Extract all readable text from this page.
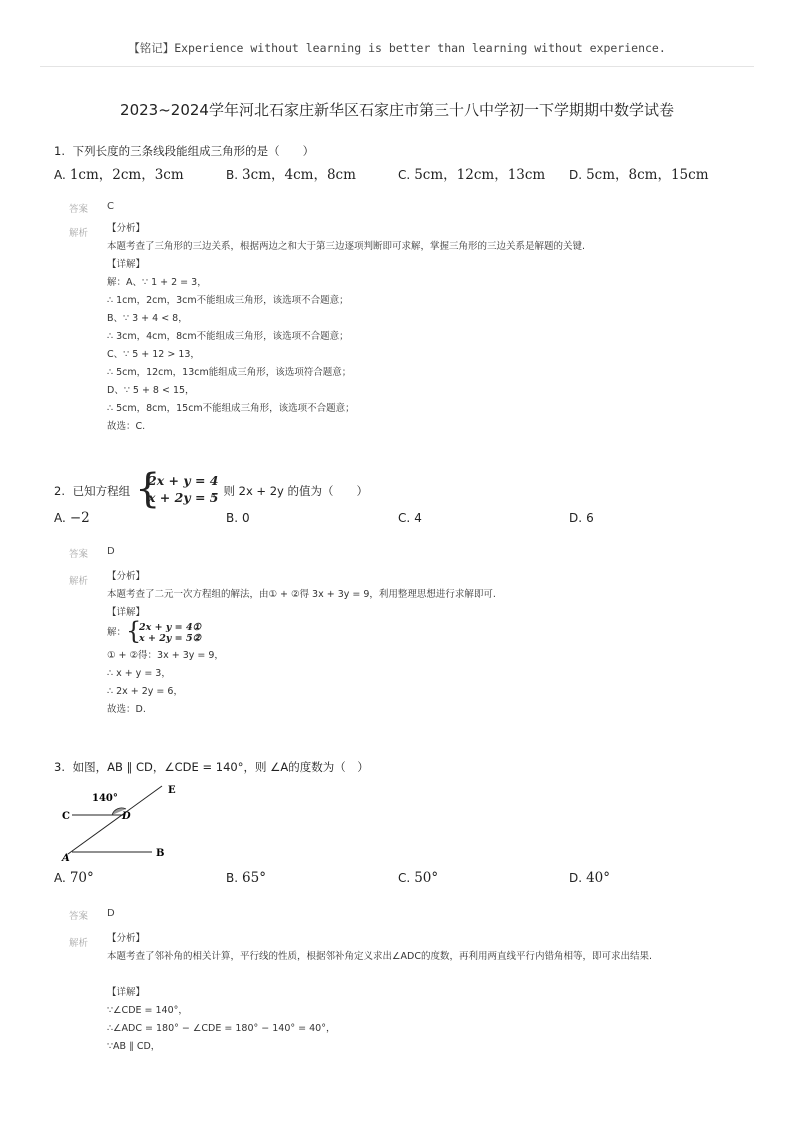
【铭记】Experience without learning is better than learning without experience.
2023~2024学年河北石家庄新华区石家庄市第三十八中学初一下学期期中数学试卷
1. 下列长度的三条线段能组成三角形的是（　　）
A. 1cm，2cm，3cm	B. 3cm，4cm，8cm	C. 5cm，12cm，13cm D. 5cm，8cm，15cm
答案 C
解析 【分析】
本题考查了三角形的三边关系，根据两边之和大于第三边逐项判断即可求解，掌握三角形的三边关系是解题的关键.
【详解】
解：A、∵ 1 + 2 = 3，
∴ 1cm，2cm，3cm不能组成三角形，该选项不合题意；
B、∵ 3 + 4 < 8，
∴ 3cm，4cm，8cm不能组成三角形，该选项不合题意；
C、∵ 5 + 12 > 13，
∴ 5cm，12cm，13cm能组成三角形，该选项符合题意；
D、∵ 5 + 8 < 15，
∴ 5cm，8cm，15cm不能组成三角形，该选项不合题意；
故选：C.
2. 已知方程组 {
2x + y = 4
x + 2y = 5
，则 2x + 2y 的值为（　　）
A. −2	B. 0	C. 4	D. 6
答案 D
解析 【分析】
本题考查了二元一次方程组的解法，由① + ②得 3x + 3y = 9，利用整理思想进行求解即可.
【详解】
解： {
2x + y = 4①
x + 2y = 5②
，
① + ②得：3x + 3y = 9，
∴ x + y = 3，
∴ 2x + 2y = 6，
故选：D.
3. 如图，AB ∥ CD，∠CDE = 140°，则 ∠A的度数为（　）
140°
C	D
E
A	B
A. 70°	B. 65°	C. 50°	D. 40°
答案 D
解析 【分析】
本题考查了邻补角的相关计算，平行线的性质，根据邻补角定义求出∠ADC的度数，再利用两直线平行内错角相等，即可求出结果.
【详解】
∵∠CDE = 140°，
∴∠ADC = 180° − ∠CDE = 180° − 140° = 40°，
∵AB ∥ CD，
